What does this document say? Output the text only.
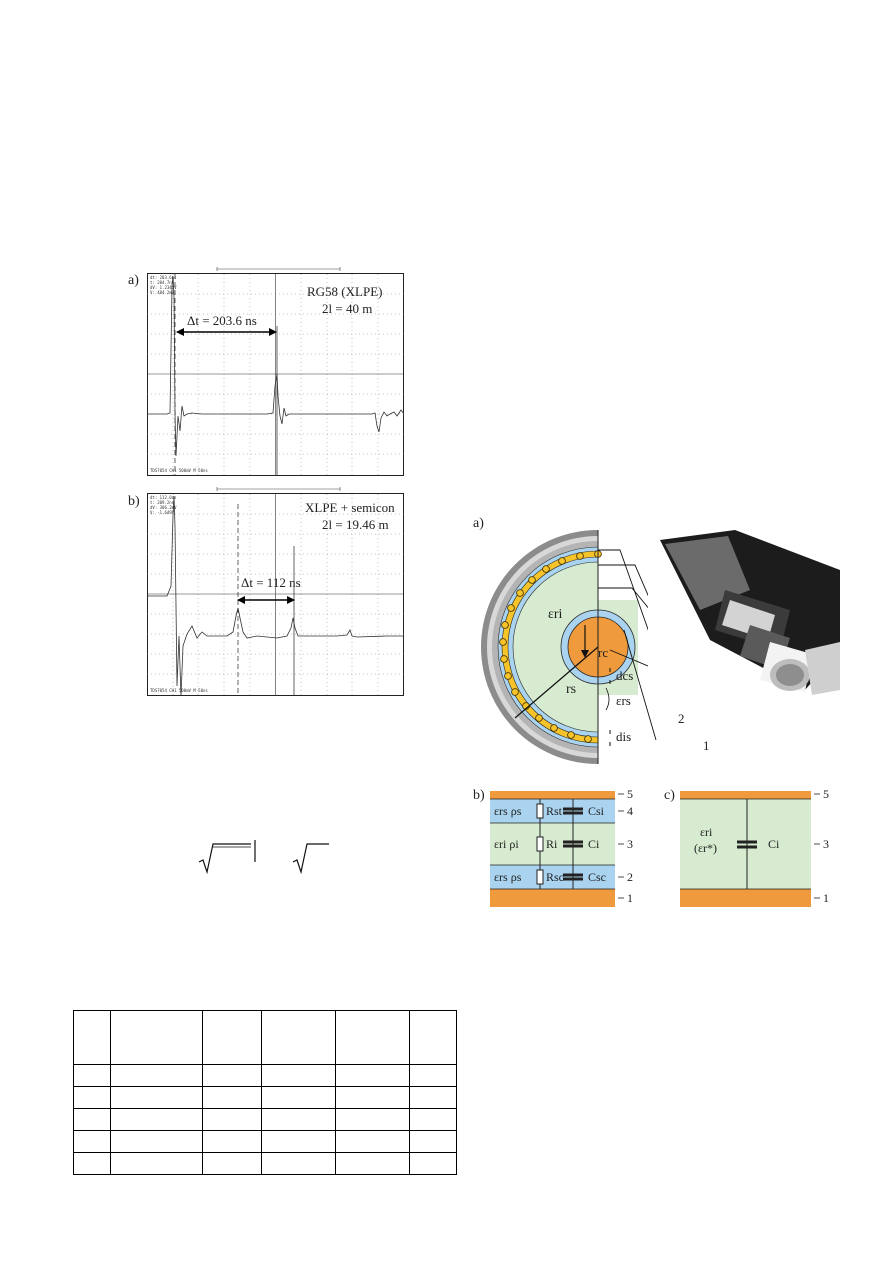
a)	dt: 203.6ns
t: 204.7ns
dV: 1.2346V
V: 484.2mV
TDS7054 CH1 500mV M 50ns
RG58 (XLPE)
2l = 40 m
Δt = 203.6 ns
b)	dt: 112.0ns
t: 209.2ns
dV: 306.2mV
V: -1.649V
TDS7054 CH1 500mV M 50ns
XLPE + semicon
2l = 19.46 m
Δt = 112 ns

a)
εri
rs
rc
dcs
εrs
dis
2
1
b)
εrs ρs
εri ρi
εrs ρs
Rst
Ri
Rsc
Csi
Ci
Csc
5
4
3
2
1
c)
εri
(εr*)	Ci
5
3
1
